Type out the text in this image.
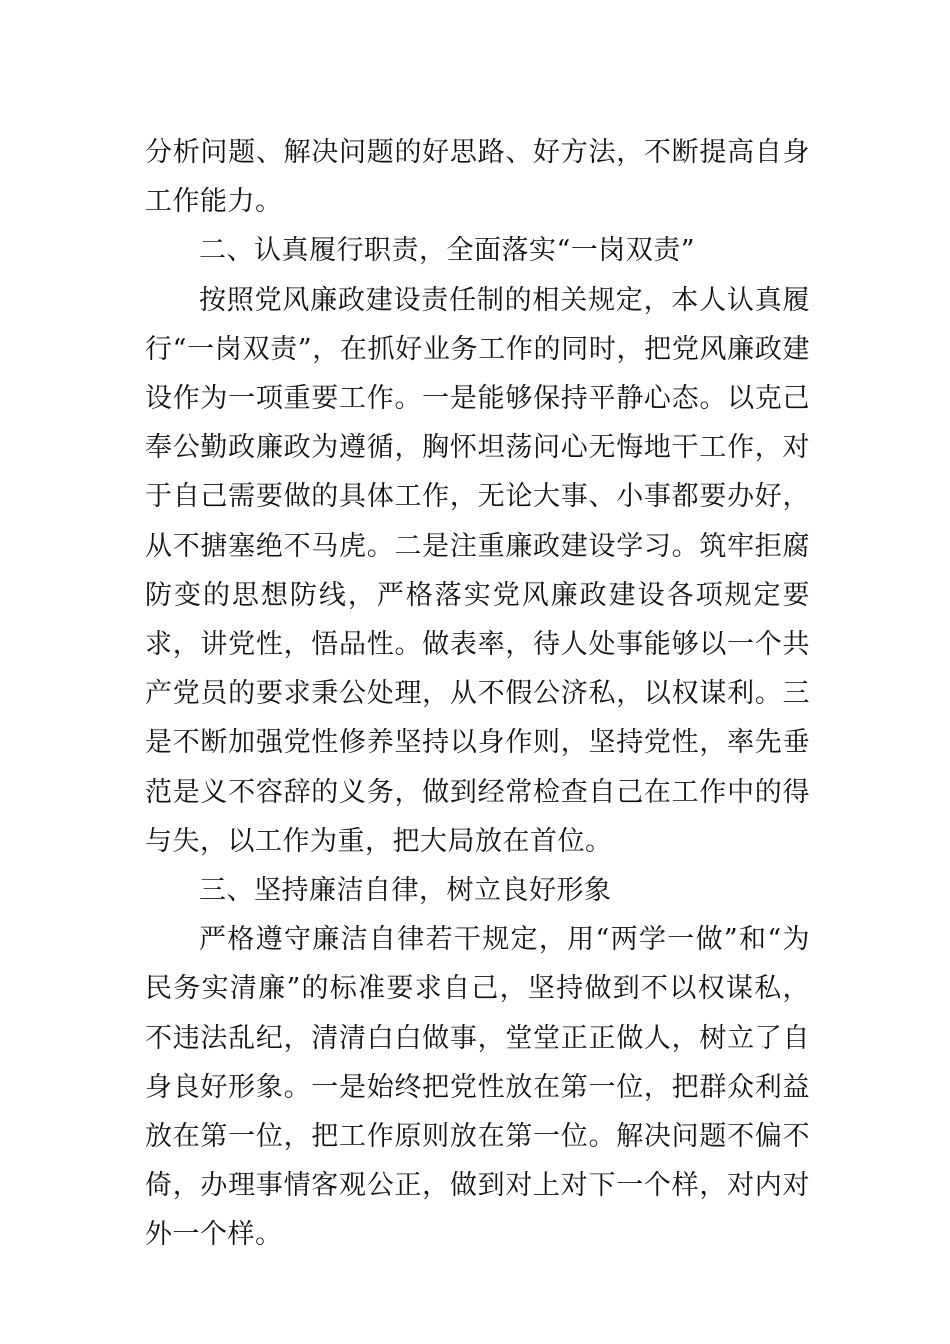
分析问题、解决问题的好思路、好方法，不断提高自身工作能力。

二、认真履行职责，全面落实“一岗双责”

按照党风廉政建设责任制的相关规定，本人认真履行“一岗双责”，在抓好业务工作的同时，把党风廉政建设作为一项重要工作。一是能够保持平静心态。以克己奉公勤政廉政为遵循，胸怀坦荡问心无悔地干工作，对于自己需要做的具体工作，无论大事、小事都要办好，从不搪塞绝不马虎。二是注重廉政建设学习。筑牢拒腐防变的思想防线，严格落实党风廉政建设各项规定要求，讲党性，悟品性。做表率，待人处事能够以一个共产党员的要求秉公处理，从不假公济私，以权谋利。三是不断加强党性修养坚持以身作则，坚持党性，率先垂范是义不容辞的义务，做到经常检查自己在工作中的得与失，以工作为重，把大局放在首位。

三、坚持廉洁自律，树立良好形象

严格遵守廉洁自律若干规定，用“两学一做”和“为民务实清廉”的标准要求自己，坚持做到不以权谋私，不违法乱纪，清清白白做事，堂堂正正做人，树立了自身良好形象。一是始终把党性放在第一位，把群众利益放在第一位，把工作原则放在第一位。解决问题不偏不倚，办理事情客观公正，做到对上对下一个样，对内对外一个样。
